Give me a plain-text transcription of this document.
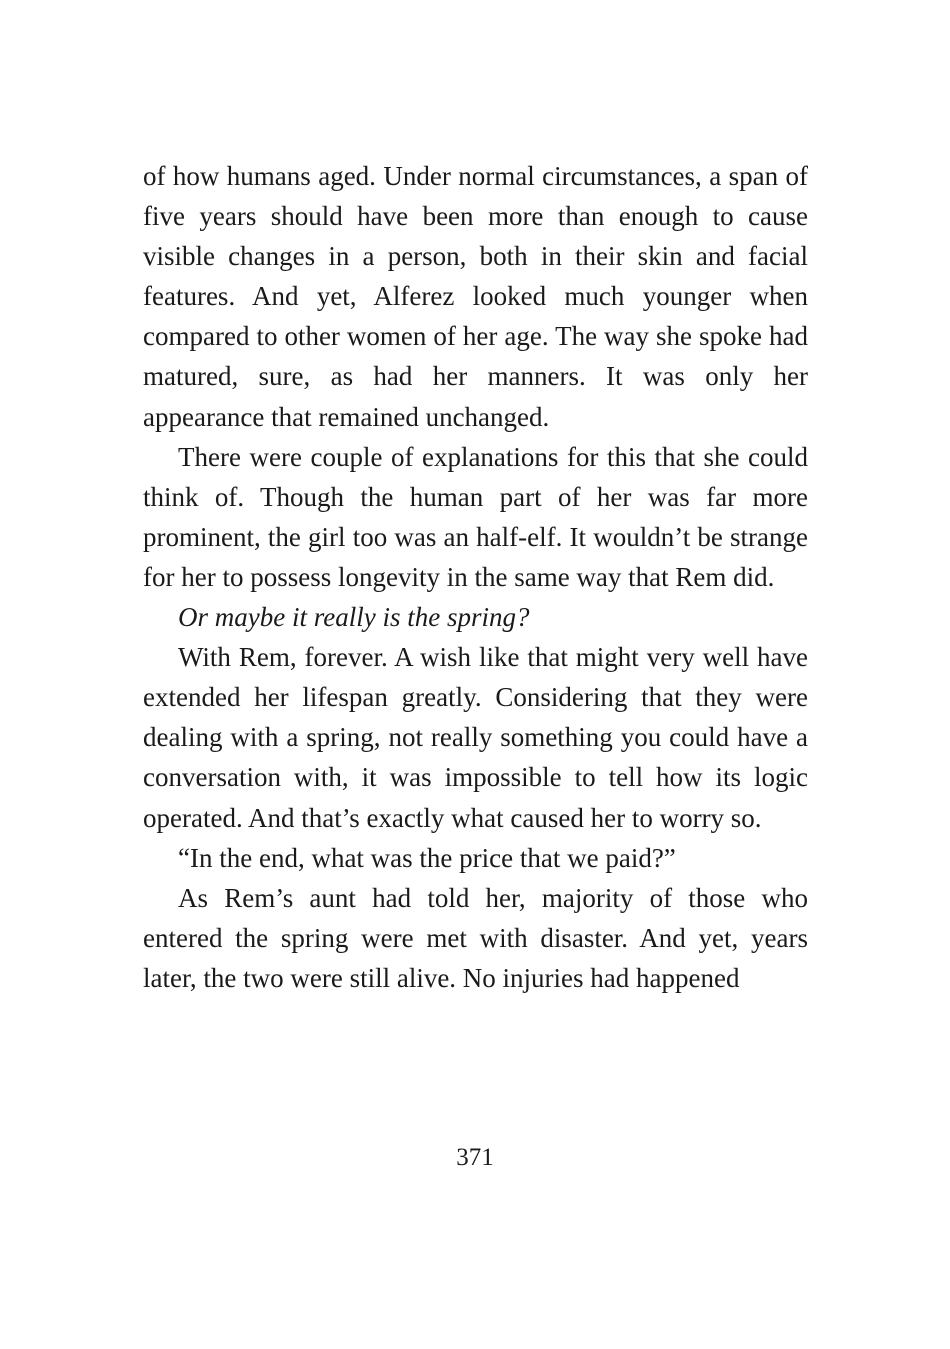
of how humans aged. Under normal circumstances, a span of five years should have been more than enough to cause visible changes in a person, both in their skin and facial features. And yet, Alferez looked much younger when compared to other women of her age. The way she spoke had matured, sure, as had her manners. It was only her appearance that remained unchanged.

There were couple of explanations for this that she could think of. Though the human part of her was far more prominent, the girl too was an half-elf. It wouldn’t be strange for her to possess longevity in the same way that Rem did.

Or maybe it really is the spring?

With Rem, forever. A wish like that might very well have extended her lifespan greatly. Considering that they were dealing with a spring, not really something you could have a conversation with, it was impossible to tell how its logic operated. And that’s exactly what caused her to worry so.

“In the end, what was the price that we paid?”

As Rem’s aunt had told her, majority of those who entered the spring were met with disaster. And yet, years later, the two were still alive. No injuries had happened

371
